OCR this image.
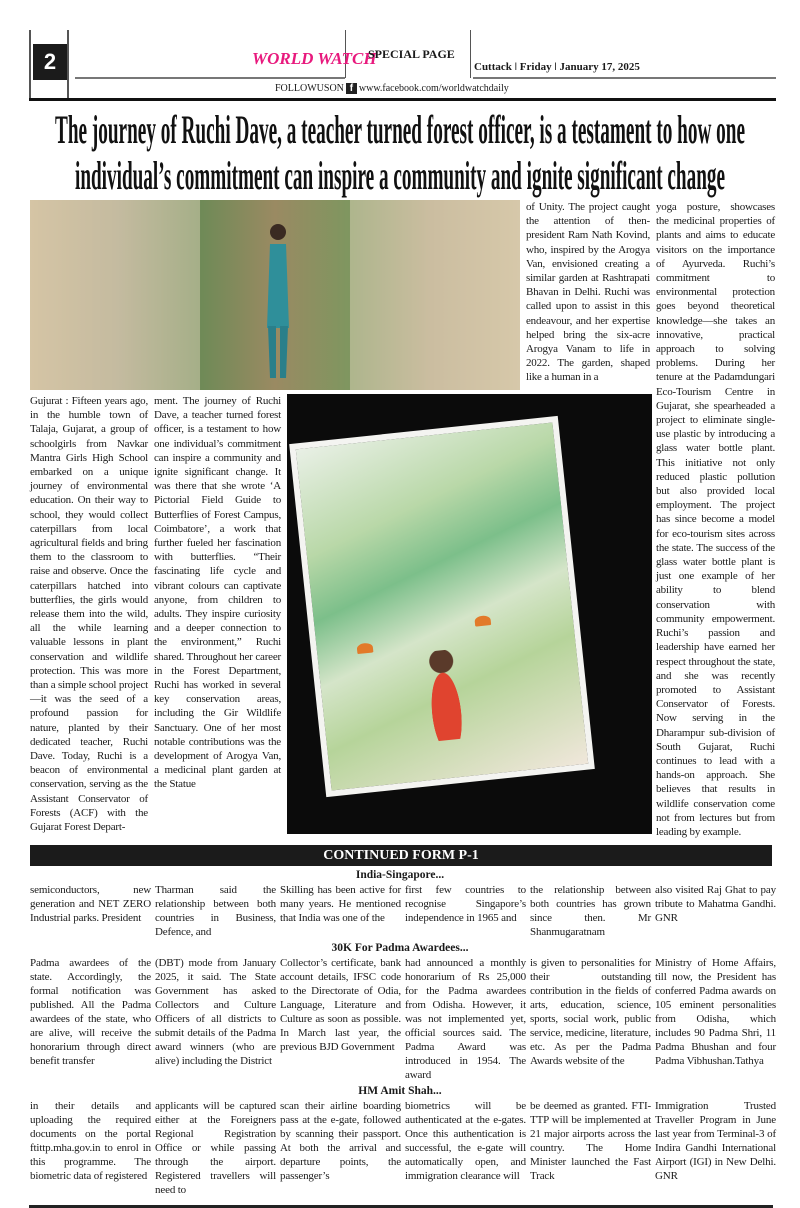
2	WORLD WATCH
SPECIAL PAGE
Cuttack ǀ Friday ǀ January 17, 2025
FOLLOWUSON f www.facebook.com/worldwatchdaily
The journey of Ruchi Dave, a teacher turned forest officer, is a testament to how one
individual’s commitment can inspire a community and ignite significant change
of Unity. The project caught the attention of then-president Ram Nath Kovind, who, inspired by the Arogya Van, envisioned creating a similar garden at Rashtrapati Bhavan in Delhi. Ruchi was called upon to assist in this endeavour, and her expertise helped bring the six-acre Arogya Vanam to life in 2022. The garden, shaped like a human in a
Gujurat : Fifteen years ago, in the humble town of Talaja, Gujarat, a group of schoolgirls from Navkar Mantra Girls High School embarked on a unique journey of environmental education. On their way to school, they would collect caterpillars from local agricultural fields and bring them to the classroom to raise and observe. Once the caterpillars hatched into butterflies, the girls would release them into the wild, all the while learning valuable lessons in plant conservation and wildlife protection. This was more than a simple school project—it was the seed of a profound passion for nature, planted by their dedicated teacher, Ruchi Dave. Today, Ruchi is a beacon of environmental conservation, serving as the Assistant Conservator of Forests (ACF) with the Gujarat Forest Depart-
ment. The journey of Ruchi Dave, a teacher turned forest officer, is a testament to how one individual’s commitment can inspire a community and ignite significant change. It was there that she wrote ‘A Pictorial Field Guide to Butterflies of Forest Campus, Coimbatore’, a work that further fueled her fascination with butterflies. “Their fascinating life cycle and vibrant colours can captivate anyone, from children to adults. They inspire curiosity and a deeper connection to the environment,” Ruchi shared. Throughout her career in the Forest Department, Ruchi has worked in several key conservation areas, including the Gir Wildlife Sanctuary. One of her most notable contributions was the development of Arogya Van, a medicinal plant garden at the Statue
yoga posture, showcases the medicinal properties of plants and aims to educate visitors on the importance of Ayurveda. Ruchi’s commitment to environmental protection goes beyond theoretical knowledge—she takes an innovative, practical approach to solving problems. During her tenure at the Padamdungari Eco-Tourism Centre in Gujarat, she spearheaded a project to eliminate single-use plastic by introducing a glass water bottle plant. This initiative not only reduced plastic pollution but also provided local employment. The project has since become a model for eco-tourism sites across the state. The success of the glass water bottle plant is just one example of her ability to blend conservation with community empowerment. Ruchi’s passion and leadership have earned her respect throughout the state, and she was recently promoted to Assistant Conservator of Forests. Now serving in the Dharampur sub-division of South Gujarat, Ruchi continues to lead with a hands-on approach. She believes that results in wildlife conservation come not from lectures but from leading by example.
CONTINUED FORM P-1
India-Singapore...
semiconductors, new generation and NET ZERO Industrial parks. President
Tharman said the relationship between both countries in Business, Defence, and
Skilling has been active for many years. He mentioned that India was one of the
first few countries to recognise Singapore’s independence in 1965 and
the relationship between both countries has grown since then. Mr Shanmugaratnam
also visited Raj Ghat to pay tribute to Mahatma Gandhi. GNR
30K For Padma Awardees...
Padma awardees of the state. Accordingly, the formal notification was published. All the Padma awardees of the state, who are alive, will receive the honorarium through direct benefit transfer
(DBT) mode from January 2025, it said. The State Government has asked Collectors and Culture Officers of all districts to submit details of the Padma award winners (who are alive) including the District
Collector’s certificate, bank account details, IFSC code to the Directorate of Odia, Language, Literature and Culture as soon as possible. In March last year, the previous BJD Government
had announced a monthly honorarium of Rs 25,000 for the Padma awardees from Odisha. However, it was not implemented yet, official sources said. The Padma Award was introduced in 1954. The award
is given to personalities for their outstanding contribution in the fields of arts, education, science, sports, social work, public service, medicine, literature, etc. As per the Padma Awards website of the
Ministry of Home Affairs, till now, the President has conferred Padma awards on 105 eminent personalities from Odisha, which includes 90 Padma Shri, 11 Padma Bhushan and four Padma Vibhushan.Tathya
HM Amit Shah...
in their details and uploading the required documents on the portal ftittp.mha.gov.in to enrol in this programme. The biometric data of registered
applicants will be captured either at the Foreigners Regional Registration Office or while passing through the airport. Registered travellers will need to
scan their airline boarding pass at the e-gate, followed by scanning their passport. At both the arrival and departure points, the passenger’s
biometrics will be authenticated at the e-gates. Once this authentication is successful, the e-gate will automatically open, and immigration clearance will
be deemed as granted. FTI-TTP will be implemented at 21 major airports across the country. The Home Minister launched the Fast Track
Immigration Trusted Traveller Program in June last year from Terminal-3 of Indira Gandhi International Airport (IGI) in New Delhi. GNR
